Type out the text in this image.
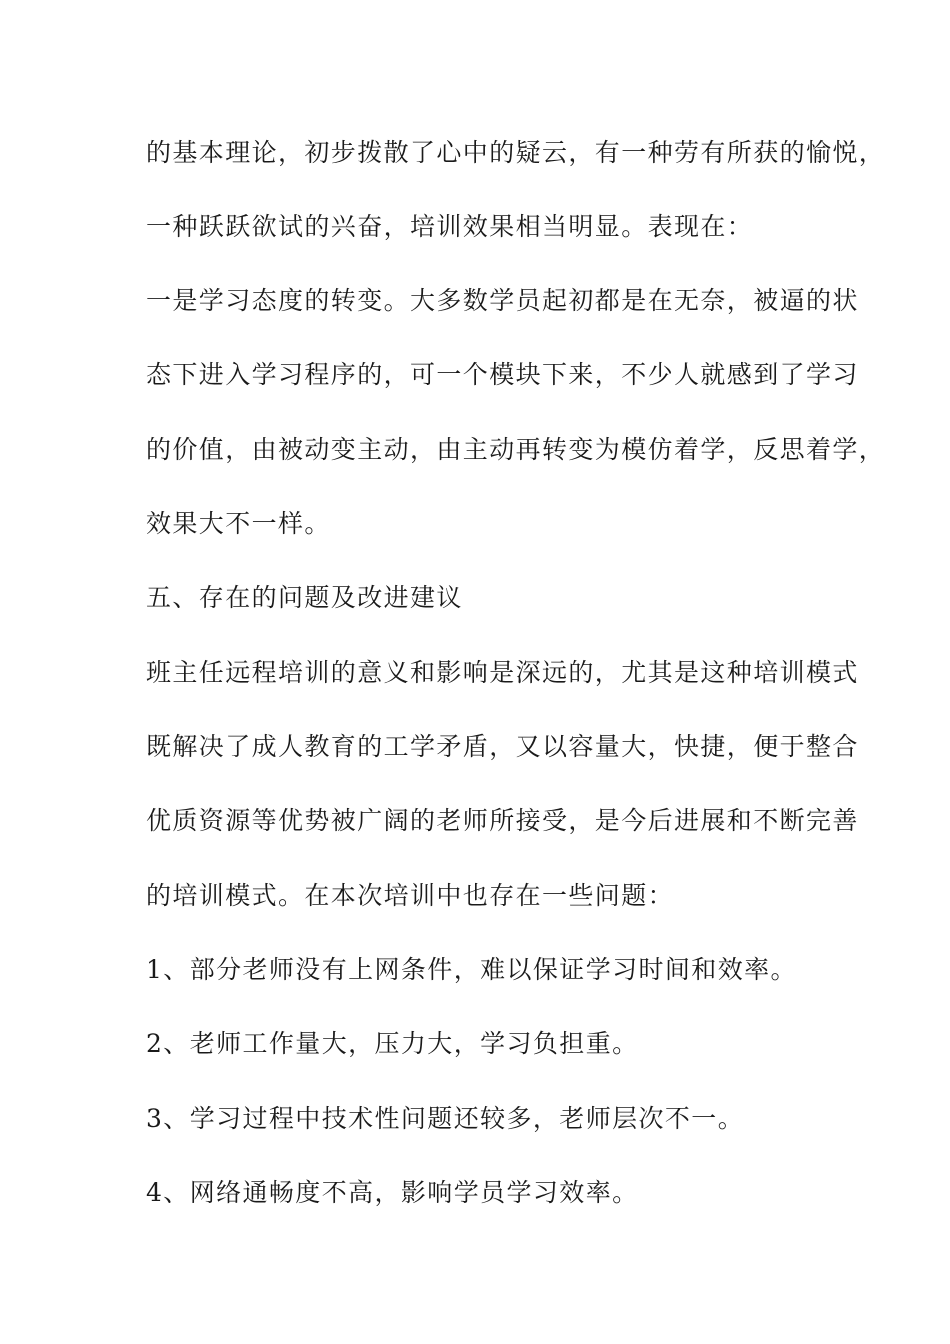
的基本理论，初步拨散了心中的疑云，有一种劳有所获的愉悦，
一种跃跃欲试的兴奋，培训效果相当明显。表现在：
一是学习态度的转变。大多数学员起初都是在无奈，被逼的状
态下进入学习程序的，可一个模块下来，不少人就感到了学习
的价值，由被动变主动，由主动再转变为模仿着学，反思着学，
效果大不一样。
五、存在的问题及改进建议
班主任远程培训的意义和影响是深远的，尤其是这种培训模式
既解决了成人教育的工学矛盾，又以容量大，快捷，便于整合
优质资源等优势被广阔的老师所接受，是今后进展和不断完善
的培训模式。在本次培训中也存在一些问题：
1、部分老师没有上网条件，难以保证学习时间和效率。
2、老师工作量大，压力大，学习负担重。
3、学习过程中技术性问题还较多，老师层次不一。
4、网络通畅度不高，影响学员学习效率。
